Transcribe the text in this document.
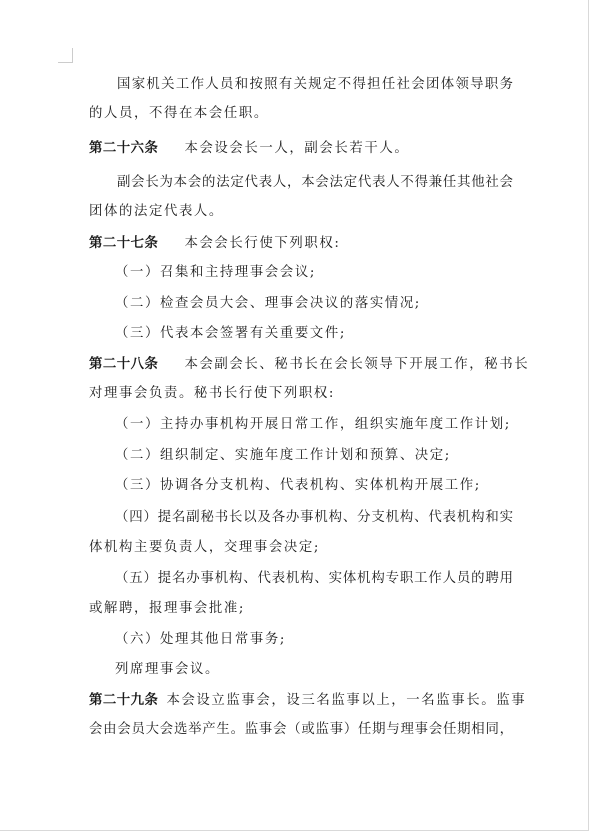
国家机关工作人员和按照有关规定不得担任社会团体领导职务
的人员，不得在本会任职。
第二十六条 本会设会长一人，副会长若干人。
副会长为本会的法定代表人，本会法定代表人不得兼任其他社会
团体的法定代表人。
第二十七条 本会会长行使下列职权:
（一）召集和主持理事会会议;
（二）检查会员大会、理事会决议的落实情况;
（三）代表本会签署有关重要文件;
第二十八条 本会副会长、秘书长在会长领导下开展工作，秘书长
对理事会负责。秘书长行使下列职权:
（一）主持办事机构开展日常工作，组织实施年度工作计划;
（二）组织制定、实施年度工作计划和预算、决定;
（三）协调各分支机构、代表机构、实体机构开展工作;
（四）提名副秘书长以及各办事机构、分支机构、代表机构和实
体机构主要负责人，交理事会决定;
（五）提名办事机构、代表机构、实体机构专职工作人员的聘用
或解聘，报理事会批准;
（六）处理其他日常事务;
列席理事会议。
第二十九条 本会设立监事会，设三名监事以上，一名监事长。监事
会由会员大会选举产生。监事会（或监事）任期与理事会任期相同，
